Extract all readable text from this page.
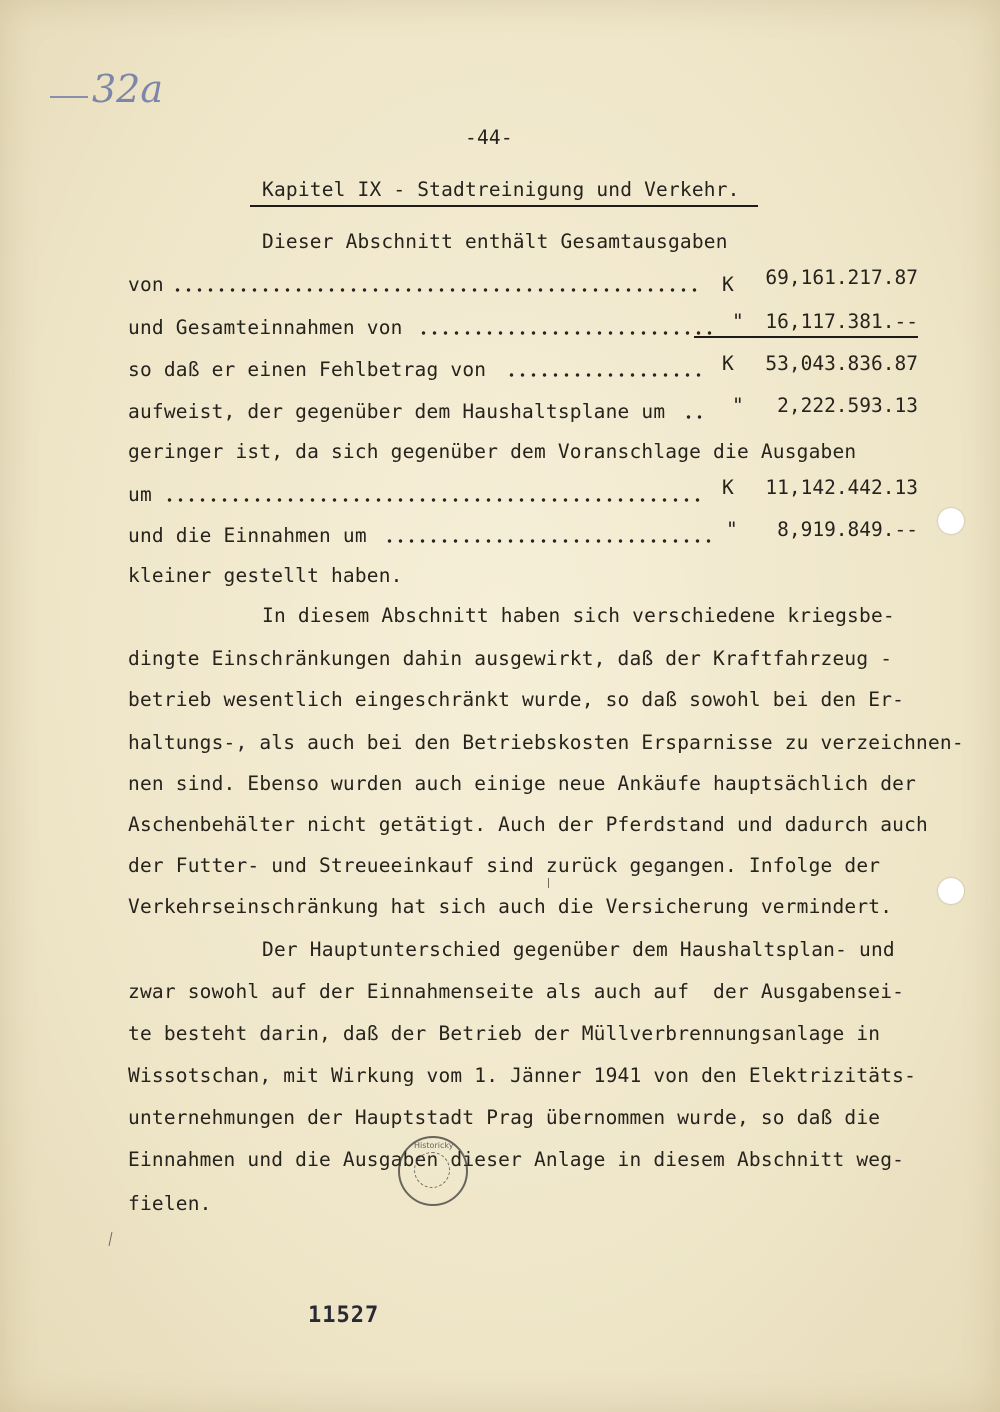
32a
-44-
Kapitel IX - Stadtreinigung und Verkehr.
Dieser Abschnitt enthält Gesamtausgaben
von	K	69,161.217.87
und Gesamteinnahmen von	"	16,117.381.--
so daß er einen Fehlbetrag von	K	53,043.836.87
aufweist, der gegenüber dem Haushaltsplane um	"	2,222.593.13
geringer ist, da sich gegenüber dem Voranschlage die Ausgaben
um	K	11,142.442.13
und die Einnahmen um	"	8,919.849.--
kleiner gestellt haben.
In diesem Abschnitt haben sich verschiedene kriegsbe-
dingte Einschränkungen dahin ausgewirkt, daß der Kraftfahrzeug -
betrieb wesentlich eingeschränkt wurde, so daß sowohl bei den Er-
haltungs-, als auch bei den Betriebskosten Ersparnisse zu verzeichnen-
nen sind. Ebenso wurden auch einige neue Ankäufe hauptsächlich der
Aschenbehälter nicht getätigt. Auch der Pferdstand und dadurch auch
der Futter- und Streueeinkauf sind zurück gegangen. Infolge der
Verkehrseinschränkung hat sich auch die Versicherung vermindert.
Der Hauptunterschied gegenüber dem Haushaltsplan- und
zwar sowohl auf der Einnahmenseite als auch auf  der Ausgabensei-
te besteht darin, daß der Betrieb der Müllverbrennungsanlage in
Wissotschan, mit Wirkung vom 1. Jänner 1941 von den Elektrizitäts-
unternehmungen der Hauptstadt Prag übernommen wurde, so daß die
Einnahmen und die Ausgaben dieser Anlage in diesem Abschnitt weg-
fielen.
Historický
11527
